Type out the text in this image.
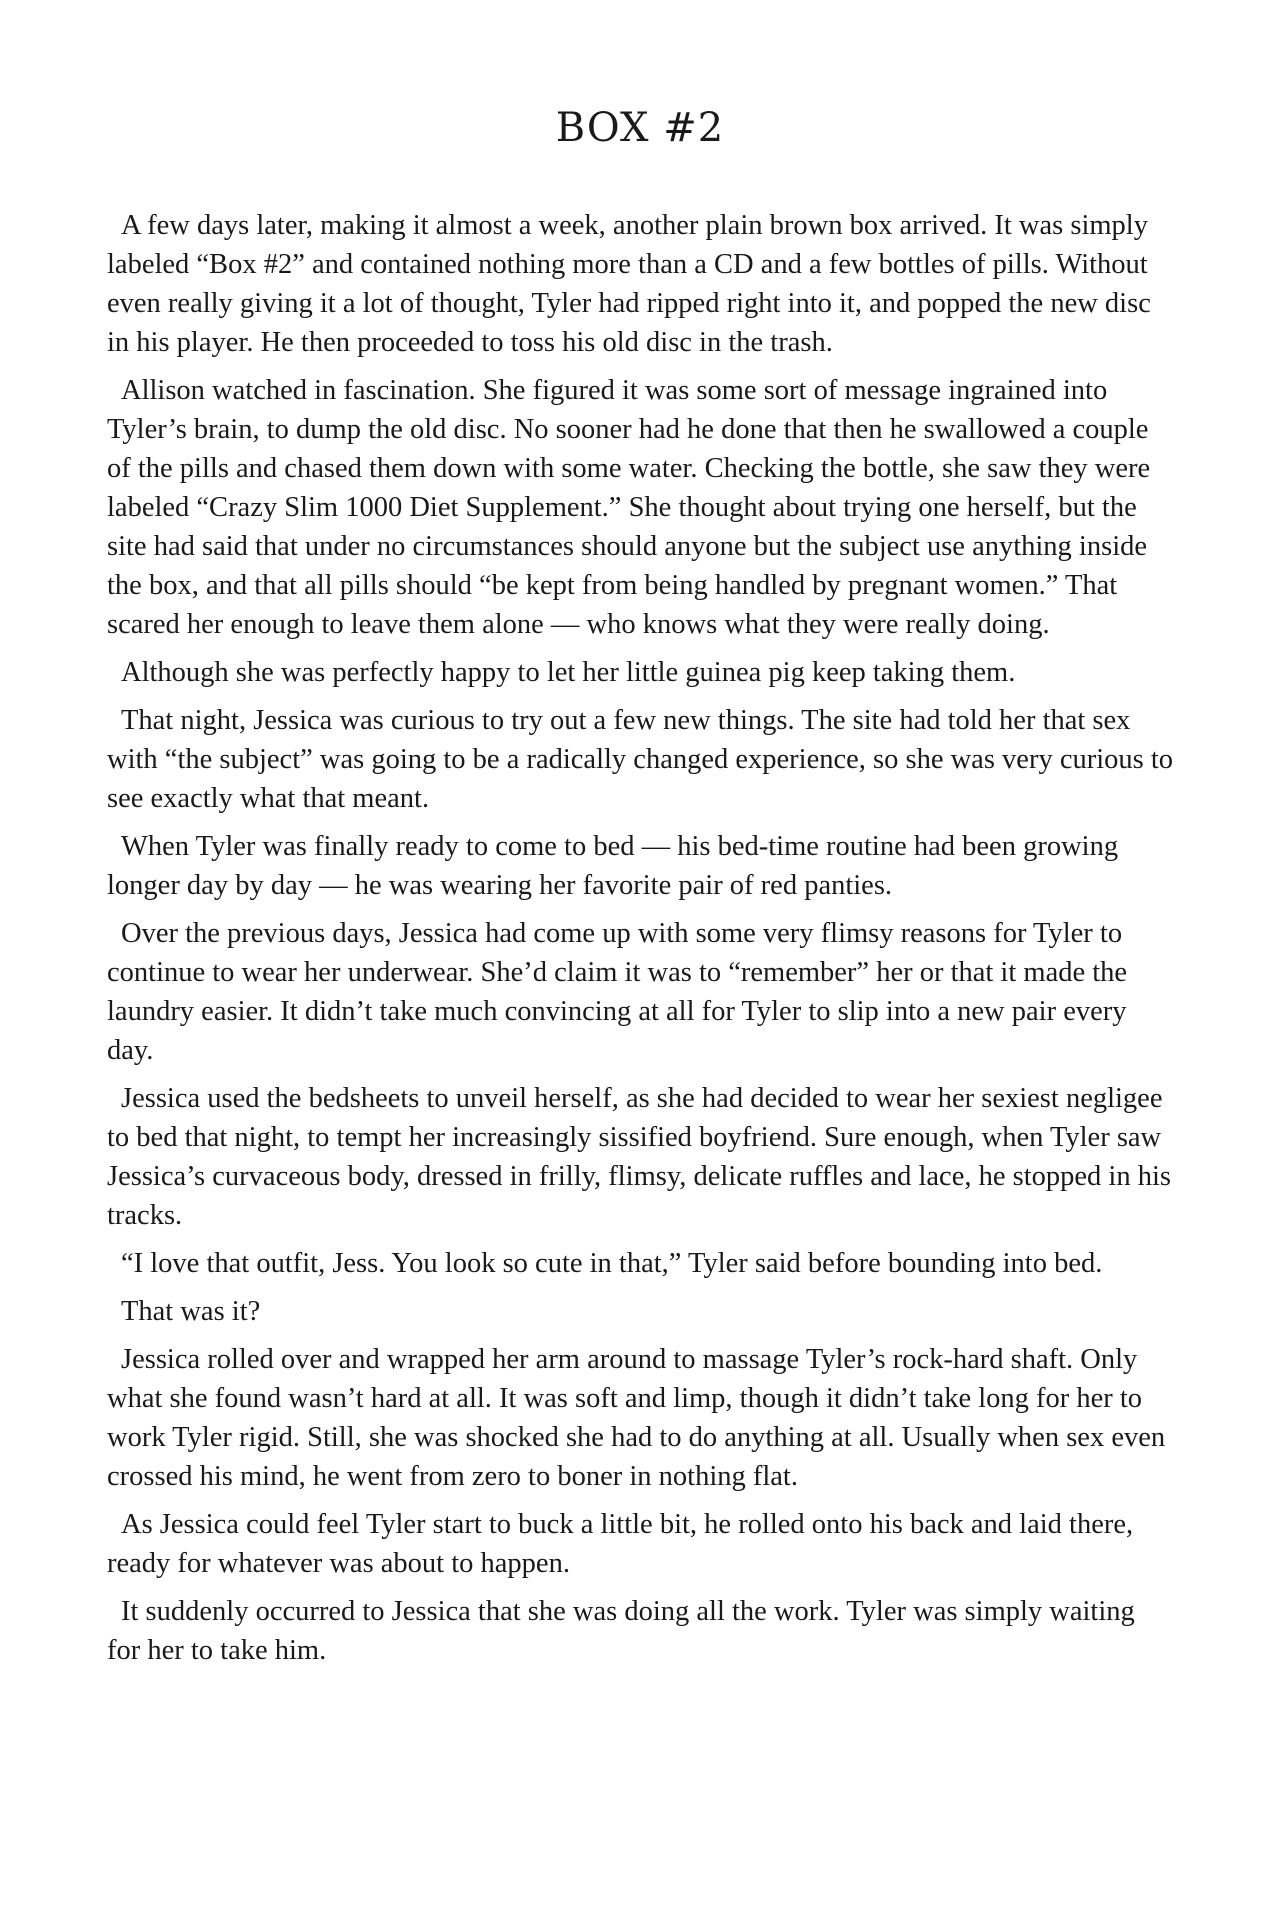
BOX #2

A few days later, making it almost a week, another plain brown box arrived. It was simply labeled “Box #2” and contained nothing more than a CD and a few bottles of pills. Without even really giving it a lot of thought, Tyler had ripped right into it, and popped the new disc in his player. He then proceeded to toss his old disc in the trash.

Allison watched in fascination. She figured it was some sort of message ingrained into Tyler’s brain, to dump the old disc. No sooner had he done that then he swallowed a couple of the pills and chased them down with some water. Checking the bottle, she saw they were labeled “Crazy Slim 1000 Diet Supplement.” She thought about trying one herself, but the site had said that under no circumstances should anyone but the subject use anything inside the box, and that all pills should “be kept from being handled by pregnant women.” That scared her enough to leave them alone — who knows what they were really doing.

Although she was perfectly happy to let her little guinea pig keep taking them.

That night, Jessica was curious to try out a few new things. The site had told her that sex with “the subject” was going to be a radically changed experience, so she was very curious to see exactly what that meant.

When Tyler was finally ready to come to bed — his bed-time routine had been growing longer day by day — he was wearing her favorite pair of red panties.

Over the previous days, Jessica had come up with some very flimsy reasons for Tyler to continue to wear her underwear. She’d claim it was to “remember” her or that it made the laundry easier. It didn’t take much convincing at all for Tyler to slip into a new pair every day.

Jessica used the bedsheets to unveil herself, as she had decided to wear her sexiest negligee to bed that night, to tempt her increasingly sissified boyfriend. Sure enough, when Tyler saw Jessica’s curvaceous body, dressed in frilly, flimsy, delicate ruffles and lace, he stopped in his tracks.

“I love that outfit, Jess. You look so cute in that,” Tyler said before bounding into bed.

That was it?

Jessica rolled over and wrapped her arm around to massage Tyler’s rock-hard shaft. Only what she found wasn’t hard at all. It was soft and limp, though it didn’t take long for her to work Tyler rigid. Still, she was shocked she had to do anything at all. Usually when sex even crossed his mind, he went from zero to boner in nothing flat.

As Jessica could feel Tyler start to buck a little bit, he rolled onto his back and laid there, ready for whatever was about to happen.

It suddenly occurred to Jessica that she was doing all the work. Tyler was simply waiting for her to take him.
